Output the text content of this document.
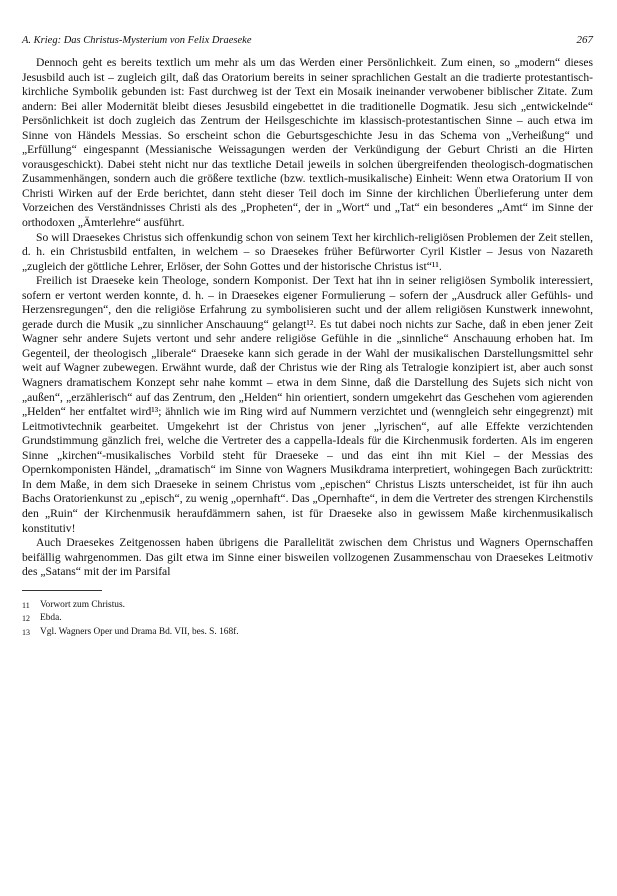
A. Krieg: Das Christus-Mysterium von Felix Draeseke	267

Dennoch geht es bereits textlich um mehr als um das Werden einer Persönlichkeit. Zum einen, so „modern“ dieses Jesusbild auch ist – zugleich gilt, daß das Oratorium bereits in seiner sprachlichen Gestalt an die tradierte protestantisch-kirchliche Symbolik gebunden ist: Fast durchweg ist der Text ein Mosaik ineinander verwobener biblischer Zitate. Zum andern: Bei aller Modernität bleibt dieses Jesusbild eingebettet in die traditionelle Dogmatik. Jesu sich „entwickelnde“ Persönlichkeit ist doch zugleich das Zentrum der Heilsgeschichte im klassisch-protestantischen Sinne – auch etwa im Sinne von Händels Messias. So erscheint schon die Geburtsgeschichte Jesu in das Schema von „Verheißung“ und „Erfüllung“ eingespannt (Messianische Weissagungen werden der Verkündigung der Geburt Christi an die Hirten vorausgeschickt). Dabei steht nicht nur das textliche Detail jeweils in solchen übergreifenden theologisch-dogmatischen Zusammenhängen, sondern auch die größere textliche (bzw. textlich-musikalische) Einheit: Wenn etwa Oratorium II von Christi Wirken auf der Erde berichtet, dann steht dieser Teil doch im Sinne der kirchlichen Überlieferung unter dem Vorzeichen des Verständnisses Christi als des „Propheten“, der in „Wort“ und „Tat“ ein besonderes „Amt“ im Sinne der orthodoxen „Ämterlehre“ ausführt.

So will Draesekes Christus sich offenkundig schon von seinem Text her kirchlich-religiösen Problemen der Zeit stellen, d. h. ein Christusbild entfalten, in welchem – so Draesekes früher Befürworter Cyril Kistler – Jesus von Nazareth „zugleich der göttliche Lehrer, Erlöser, der Sohn Gottes und der historische Christus ist“¹¹.

Freilich ist Draeseke kein Theologe, sondern Komponist. Der Text hat ihn in seiner religiösen Symbolik interessiert, sofern er vertont werden konnte, d. h. – in Draesekes eigener Formulierung – sofern der „Ausdruck aller Gefühls- und Herzensregungen“, den die religiöse Erfahrung zu symbolisieren sucht und der allem religiösen Kunstwerk innewohnt, gerade durch die Musik „zu sinnlicher Anschauung“ gelangt¹². Es tut dabei noch nichts zur Sache, daß in eben jener Zeit Wagner sehr andere Sujets vertont und sehr andere religiöse Gefühle in die „sinnliche“ Anschauung erhoben hat. Im Gegenteil, der theologisch „liberale“ Draeseke kann sich gerade in der Wahl der musikalischen Darstellungsmittel sehr weit auf Wagner zubewegen. Erwähnt wurde, daß der Christus wie der Ring als Tetralogie konzipiert ist, aber auch sonst Wagners dramatischem Konzept sehr nahe kommt – etwa in dem Sinne, daß die Darstellung des Sujets sich nicht von „außen“, „erzählerisch“ auf das Zentrum, den „Helden“ hin orientiert, sondern umgekehrt das Geschehen vom agierenden „Helden“ her entfaltet wird¹³; ähnlich wie im Ring wird auf Nummern verzichtet und (wenngleich sehr eingegrenzt) mit Leitmotivtechnik gearbeitet. Umgekehrt ist der Christus von jener „lyrischen“, auf alle Effekte verzichtenden Grundstimmung gänzlich frei, welche die Vertreter des a cappella-Ideals für die Kirchenmusik forderten. Als im engeren Sinne „kirchen“-musikalisches Vorbild steht für Draeseke – und das eint ihn mit Kiel – der Messias des Opernkomponisten Händel, „dramatisch“ im Sinne von Wagners Musikdrama interpretiert, wohingegen Bach zurücktritt: In dem Maße, in dem sich Draeseke in seinem Christus vom „epischen“ Christus Liszts unterscheidet, ist für ihn auch Bachs Oratorienkunst zu „episch“, zu wenig „opernhaft“. Das „Opernhafte“, in dem die Vertreter des strengen Kirchenstils den „Ruin“ der Kirchenmusik heraufdämmern sahen, ist für Draeseke also in gewissem Maße kirchenmusikalisch konstitutiv!

Auch Draesekes Zeitgenossen haben übrigens die Parallelität zwischen dem Christus und Wagners Opernschaffen beifällig wahrgenommen. Das gilt etwa im Sinne einer bisweilen vollzogenen Zusammenschau von Draesekes Leitmotiv des „Satans“ mit der im Parsifal

11 Vorwort zum Christus.
12 Ebda.
13 Vgl. Wagners Oper und Drama Bd. VII, bes. S. 168f.
